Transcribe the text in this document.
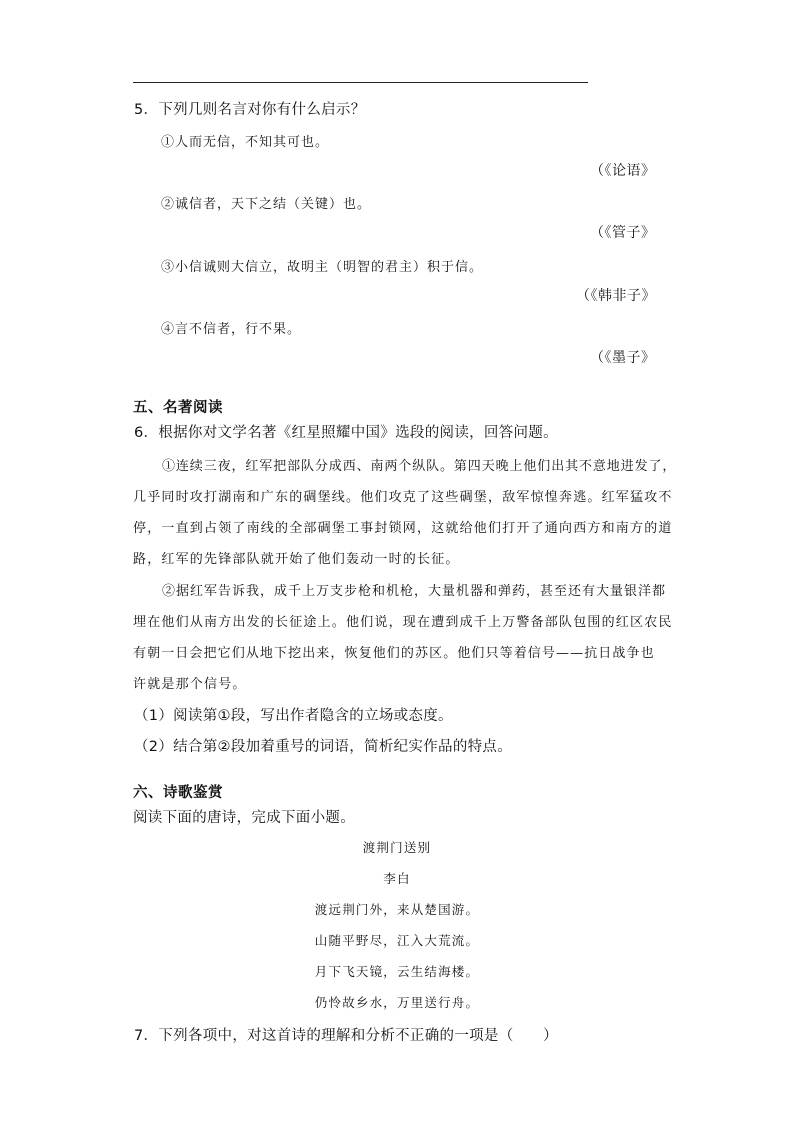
5．下列几则名言对你有什么启示？
①人而无信，不知其可也。
（《论语》
②诚信者，天下之结（关键）也。
（《管子》
③小信诚则大信立，故明主（明智的君主）积于信。
（《韩非子》
④言不信者，行不果。
（《墨子》
五、名著阅读
6．根据你对文学名著《红星照耀中国》选段的阅读，回答问题。
①连续三夜，红军把部队分成西、南两个纵队。第四天晚上他们出其不意地进发了，
几乎同时攻打湖南和广东的碉堡线。他们攻克了这些碉堡，敌军惊惶奔逃。红军猛攻不
停，一直到占领了南线的全部碉堡工事封锁网，这就给他们打开了通向西方和南方的道
路，红军的先锋部队就开始了他们轰动一时的长征。
②据红军告诉我，成千上万支步枪和机枪，大量机器和弹药，甚至还有大量银洋都
埋在他们从南方出发的长征途上。他们说，现在遭到成千上万警备部队包围的红区农民
有朝一日会把它们从地下挖出来，恢复他们的苏区。他们只等着信号——抗日战争也
许就是那个信号。
（1）阅读第①段，写出作者隐含的立场或态度。
（2）结合第②段加着重号的词语，简析纪实作品的特点。
六、诗歌鉴赏
阅读下面的唐诗，完成下面小题。
渡荆门送别
李白
渡远荆门外，来从楚国游。
山随平野尽，江入大荒流。
月下飞天镜，云生结海楼。
仍怜故乡水，万里送行舟。
7．下列各项中，对这首诗的理解和分析不正确的一项是（　　）
